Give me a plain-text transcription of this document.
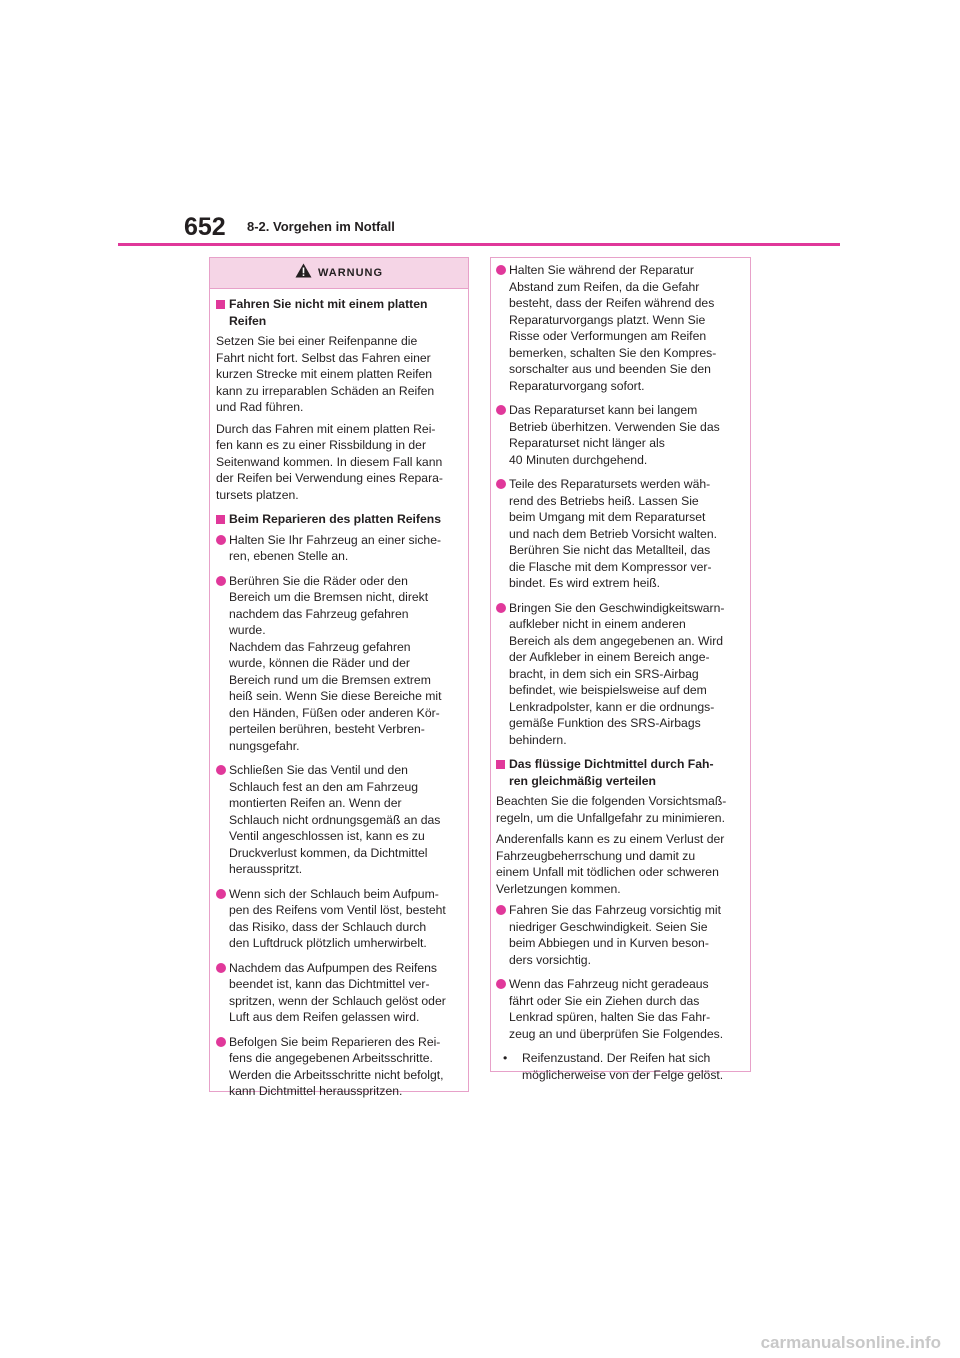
652 8-2. Vorgehen im Notfall
WARNUNG
Fahren Sie nicht mit einem platten
Reifen

Setzen Sie bei einer Reifenpanne die
Fahrt nicht fort. Selbst das Fahren einer
kurzen Strecke mit einem platten Reifen
kann zu irreparablen Schäden an Reifen
und Rad führen.

Durch das Fahren mit einem platten Rei-
fen kann es zu einer Rissbildung in der
Seitenwand kommen. In diesem Fall kann
der Reifen bei Verwendung eines Repara-
tursets platzen.

Beim Reparieren des platten Reifens
Halten Sie Ihr Fahrzeug an einer siche-
ren, ebenen Stelle an.
Berühren Sie die Räder oder den
Bereich um die Bremsen nicht, direkt
nachdem das Fahrzeug gefahren
wurde.
Nachdem das Fahrzeug gefahren
wurde, können die Räder und der
Bereich rund um die Bremsen extrem
heiß sein. Wenn Sie diese Bereiche mit
den Händen, Füßen oder anderen Kör-
perteilen berühren, besteht Verbren-
nungsgefahr.
Schließen Sie das Ventil und den
Schlauch fest an den am Fahrzeug
montierten Reifen an. Wenn der
Schlauch nicht ordnungsgemäß an das
Ventil angeschlossen ist, kann es zu
Druckverlust kommen, da Dichtmittel
herausspritzt.
Wenn sich der Schlauch beim Aufpum-
pen des Reifens vom Ventil löst, besteht
das Risiko, dass der Schlauch durch
den Luftdruck plötzlich umherwirbelt.
Nachdem das Aufpumpen des Reifens
beendet ist, kann das Dichtmittel ver-
spritzen, wenn der Schlauch gelöst oder
Luft aus dem Reifen gelassen wird.
Befolgen Sie beim Reparieren des Rei-
fens die angegebenen Arbeitsschritte.
Werden die Arbeitsschritte nicht befolgt,
kann Dichtmittel herausspritzen.
Halten Sie während der Reparatur
Abstand zum Reifen, da die Gefahr
besteht, dass der Reifen während des
Reparaturvorgangs platzt. Wenn Sie
Risse oder Verformungen am Reifen
bemerken, schalten Sie den Kompres-
sorschalter aus und beenden Sie den
Reparaturvorgang sofort.
Das Reparaturset kann bei langem
Betrieb überhitzen. Verwenden Sie das
Reparaturset nicht länger als
40 Minuten durchgehend.
Teile des Reparatursets werden wäh-
rend des Betriebs heiß. Lassen Sie
beim Umgang mit dem Reparaturset
und nach dem Betrieb Vorsicht walten.
Berühren Sie nicht das Metallteil, das
die Flasche mit dem Kompressor ver-
bindet. Es wird extrem heiß.
Bringen Sie den Geschwindigkeitswarn-
aufkleber nicht in einem anderen
Bereich als dem angegebenen an. Wird
der Aufkleber in einem Bereich ange-
bracht, in dem sich ein SRS-Airbag
befindet, wie beispielsweise auf dem
Lenkradpolster, kann er die ordnungs-
gemäße Funktion des SRS-Airbags
behindern.
Das flüssige Dichtmittel durch Fah-
ren gleichmäßig verteilen

Beachten Sie die folgenden Vorsichtsmaß-
regeln, um die Unfallgefahr zu minimieren.

Anderenfalls kann es zu einem Verlust der
Fahrzeugbeherrschung und damit zu
einem Unfall mit tödlichen oder schweren
Verletzungen kommen.

Fahren Sie das Fahrzeug vorsichtig mit
niedriger Geschwindigkeit. Seien Sie
beim Abbiegen und in Kurven beson-
ders vorsichtig.
Wenn das Fahrzeug nicht geradeaus
fährt oder Sie ein Ziehen durch das
Lenkrad spüren, halten Sie das Fahr-
zeug an und überprüfen Sie Folgendes.
• Reifenzustand. Der Reifen hat sich
möglicherweise von der Felge gelöst.
carmanualsonline.info
